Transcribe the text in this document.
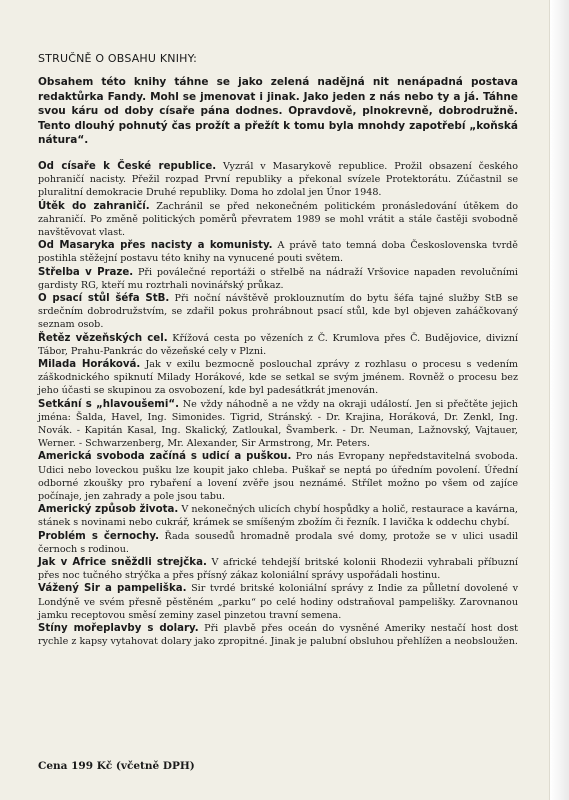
STRUČNĚ O OBSAHU KNIHY:

Obsahem této knihy táhne se jako zelená nadějná nit nenápadná postava redaktůrka Fandy. Mohl se jmenovat i jinak. Jako jeden z nás nebo ty a já. Táhne svou káru od doby císaře pána dodnes. Opravdově, plnokrevně, dobrodružně. Tento dlouhý pohnutý čas prožít a přežít k tomu byla mnohdy zapotřebí „koňská nátura“.

Od císaře k České republice. Vyzrál v Masarykově republice. Prožil obsazení českého pohraničí nacisty. Přežil rozpad První republiky a překonal svízele Protektorátu. Zúčastnil se pluralitní demokracie Druhé republiky. Doma ho zdolal jen Únor 1948.

Útěk do zahraničí. Zachránil se před nekonečném politickém pronásledování útěkem do zahraničí. Po změně politických poměrů převratem 1989 se mohl vrátit a stále častěji svobodně navštěvovat vlast.

Od Masaryka přes nacisty a komunisty. A právě tato temná doba Československa tvrdě postihla stěžejní postavu této knihy na vynucené pouti světem.

Střelba v Praze. Při poválečné reportáži o střelbě na nádraží Vršovice napaden revolučními gardisty RG, kteří mu roztrhali novinářský průkaz.

O psací stůl šéfa StB. Při noční návštěvě proklouznutím do bytu šéfa tajné služby StB se srdečním dobrodružstvím, se zdařil pokus prohrábnout psací stůl, kde byl objeven zaháčkovaný seznam osob.

Řetěz vězeňských cel. Křížová cesta po vězeních z Č. Krumlova přes Č. Budějovice, divizní Tábor, Prahu-Pankrác do vězeňské cely v Plzni.

Milada Horáková. Jak v exilu bezmocně poslouchal zprávy z rozhlasu o procesu s vedením záškodnického spiknutí Milady Horákové, kde se setkal se svým jménem. Rovněž o procesu bez jeho účasti se skupinou za osvobození, kde byl padesátkrát jmenován.

Setkání s „hlavoušemi“. Ne vždy náhodně a ne vždy na okraji událostí. Jen si přečtěte jejich jména: Šalda, Havel, Ing. Simonides. Tigrid, Stránský. - Dr. Krajina, Horáková, Dr. Zenkl, Ing. Novák. - Kapitán Kasal, Ing. Skalický, Zatloukal, Švamberk. - Dr. Neuman, Lažnovský, Vajtauer, Werner. - Schwarzenberg, Mr. Alexander, Sir Armstrong, Mr. Peters.

Americká svoboda začíná s udicí a puškou. Pro nás Evropany nepředstavitelná svoboda. Udici nebo loveckou pušku lze koupit jako chleba. Puškař se neptá po úředním povolení. Úřední odborné zkoušky pro rybaření a lovení zvěře jsou neznámé. Střílet možno po všem od zajíce počínaje, jen zahrady a pole jsou tabu.

Americký způsob života. V nekonečných ulicích chybí hospůdky a holič, restaurace a kavárna, stánek s novinami nebo cukrář, krámek se smíšeným zbožím či řezník. I lavička k oddechu chybí.

Problém s černochy. Řada sousedů hromadně prodala své domy, protože se v ulici usadil černoch s rodinou.

Jak v Africe sněždli strejčka. V africké tehdejší britské kolonii Rhodezii vyhrabali příbuzní přes noc tučného strýčka a přes přísný zákaz koloniální správy uspořádali hostinu.

Vážený Sir a pampeliška. Sir tvrdé britské koloniální správy z Indie za půlletní dovolené v Londýně ve svém přesně pěstěném „parku“ po celé hodiny odstraňoval pampelišky. Zarovnanou jamku receptovou směsí zeminy zasel pinzetou travní semena.

Stíny mořeplavby s dolary. Při plavbě přes oceán do vysněné Ameriky nestačí host dost rychle z kapsy vytahovat dolary jako zpropitné. Jinak je palubní obsluhou přehlížen a neobsloužen.

Cena 199 Kč (včetně DPH)
